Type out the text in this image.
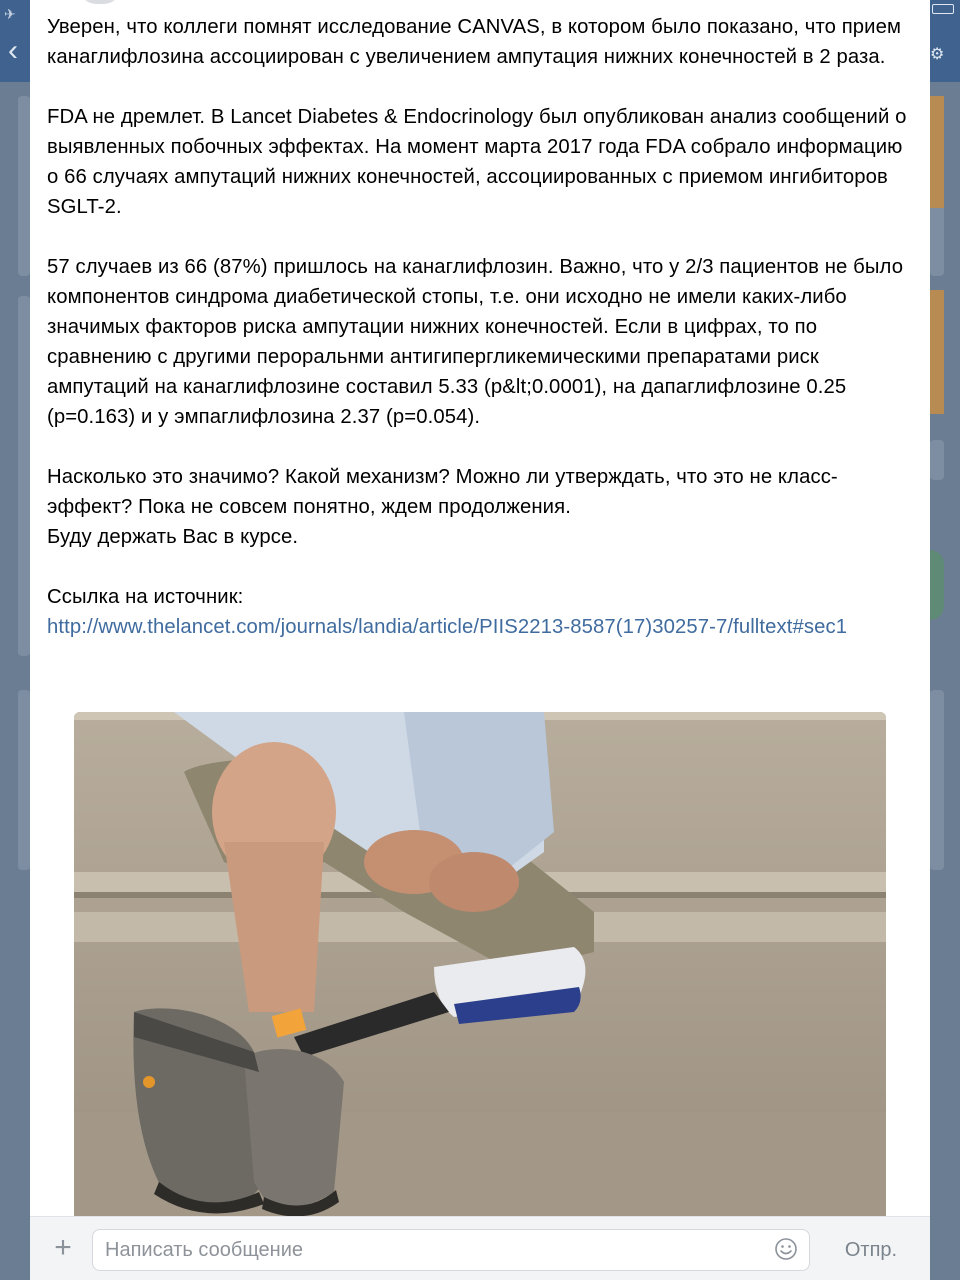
✈
‹	⚙

Уверен, что коллеги помнят исследование CANVAS, в котором было показано, что прием канаглифлозина ассоциирован с увеличением ампутация нижних конечностей в 2 раза.

FDA не дремлет. В Lancet Diabetes & Endocrinology был опубликован анализ сообщений о выявленных побочных эффектах. На момент марта 2017 года FDA собрало информацию о 66 случаях ампутаций нижних конечностей, ассоциированных с приемом ингибиторов SGLT-2.

57 случаев из 66 (87%) пришлось на канаглифлозин. Важно, что у 2/3 пациентов не было компонентов синдрома диабетической стопы, т.е. они исходно не имели каких-либо значимых факторов риска ампутации нижних конечностей. Если в цифрах, то по сравнению с другими пероральнми антигипергликемическими препаратами риск ампутаций на канаглифлозине составил 5.33 (p&lt;0.0001), на дапаглифлозине 0.25 (p=0.163) и у эмпаглифлозина 2.37 (p=0.054).

Насколько это значимо? Какой механизм? Можно ли утверждать, что это не класс-эффект? Пока не совсем понятно, ждем продолжения.
Буду держать Вас в курсе.

Ссылка на источник:
http://www.thelancet.com/journals/landia/article/PIIS2213-8587(17)30257-7/fulltext#sec1
+
Написать сообщение	Отпр.
